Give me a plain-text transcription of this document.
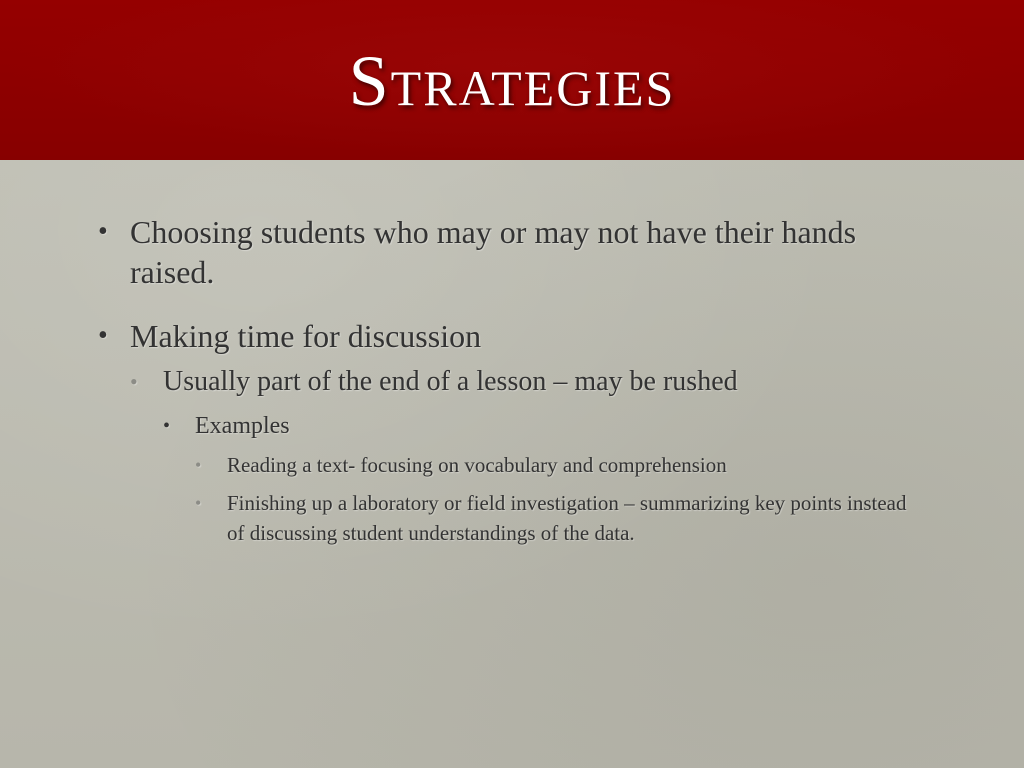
Strategies
• Choosing students who may or may not have their hands raised.
• Making time for discussion
• Usually part of the end of a lesson – may be rushed
• Examples
• Reading a text- focusing on vocabulary and comprehension
• Finishing up a laboratory or field investigation – summarizing key points instead of discussing student understandings of the data.
